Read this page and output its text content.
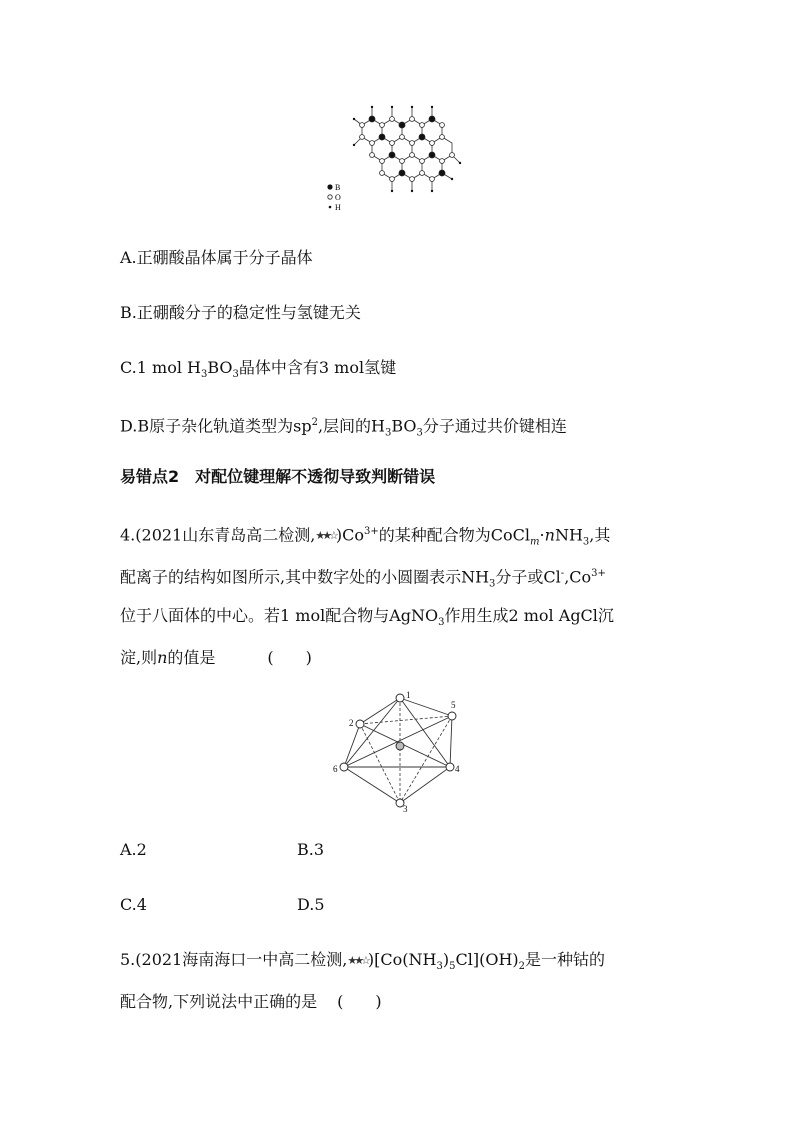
B
O
H
A.正硼酸晶体属于分子晶体
B.正硼酸分子的稳定性与氢键无关
C.1 mol $H_3BO_3$晶体中含有3 mol氢键
D.B原子杂化轨道类型为$sp^2$,层间的$H_3BO_3$分子通过共价键相连
易错点2　对配位键理解不透彻导致判断错误
4.(2021山东青岛高二检测$,★★☆)Co^{3+}$的某种配合物为CoCl$_m$·nNH$_3$,其
配离子的结构如图所示,其中数字处的小圆圈表示$NH_3$分子或$Cl^-,Co^{3+}$
位于八面体的中心。若1 mol配合物与AgNO$_3$作用生成2 mol AgCl沉
淀,则n的值是	(　　)
1
2
3
4
5
6
A.2	B.3
C.4	D.5
5.(2021海南海口一中高二检测$,★★☆)[Co(NH_3)_5Cl](OH)_2$是一种钴的
配合物,下列说法中正确的是 (　　)
